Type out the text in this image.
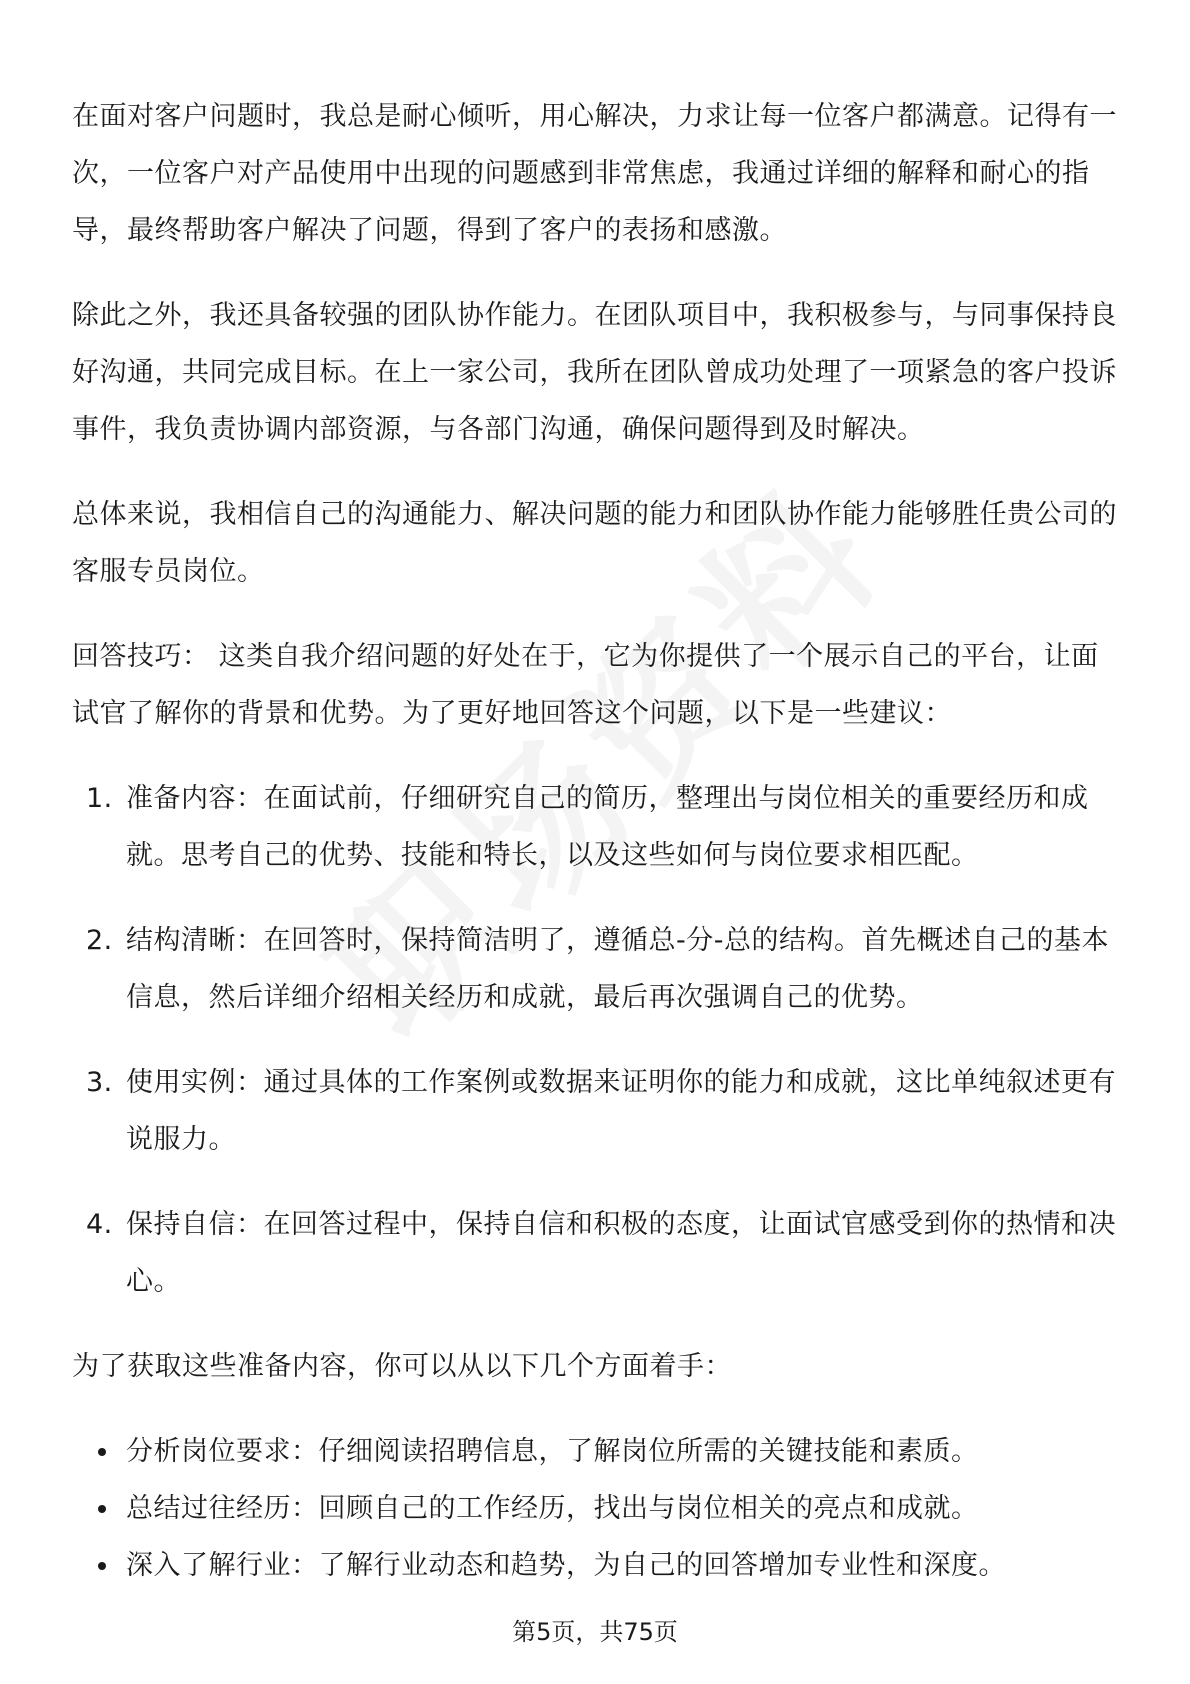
在面对客户问题时，我总是耐心倾听，用心解决，力求让每一位客户都满意。记得有一次，一位客户对产品使用中出现的问题感到非常焦虑，我通过详细的解释和耐心的指导，最终帮助客户解决了问题，得到了客户的表扬和感激。

除此之外，我还具备较强的团队协作能力。在团队项目中，我积极参与，与同事保持良好沟通，共同完成目标。在上一家公司，我所在团队曾成功处理了一项紧急的客户投诉事件，我负责协调内部资源，与各部门沟通，确保问题得到及时解决。

总体来说，我相信自己的沟通能力、解决问题的能力和团队协作能力能够胜任贵公司的客服专员岗位。

回答技巧： 这类自我介绍问题的好处在于，它为你提供了一个展示自己的平台，让面试官了解你的背景和优势。为了更好地回答这个问题，以下是一些建议：

1. 准备内容：在面试前，仔细研究自己的简历，整理出与岗位相关的重要经历和成就。思考自己的优势、技能和特长，以及这些如何与岗位要求相匹配。
2. 结构清晰：在回答时，保持简洁明了，遵循总-分-总的结构。首先概述自己的基本信息，然后详细介绍相关经历和成就，最后再次强调自己的优势。
3. 使用实例：通过具体的工作案例或数据来证明你的能力和成就，这比单纯叙述更有说服力。
4. 保持自信：在回答过程中，保持自信和积极的态度，让面试官感受到你的热情和决心。

为了获取这些准备内容，你可以从以下几个方面着手：

分析岗位要求：仔细阅读招聘信息，了解岗位所需的关键技能和素质。
总结过往经历：回顾自己的工作经历，找出与岗位相关的亮点和成就。
深入了解行业：了解行业动态和趋势，为自己的回答增加专业性和深度。
第5页，共75页
